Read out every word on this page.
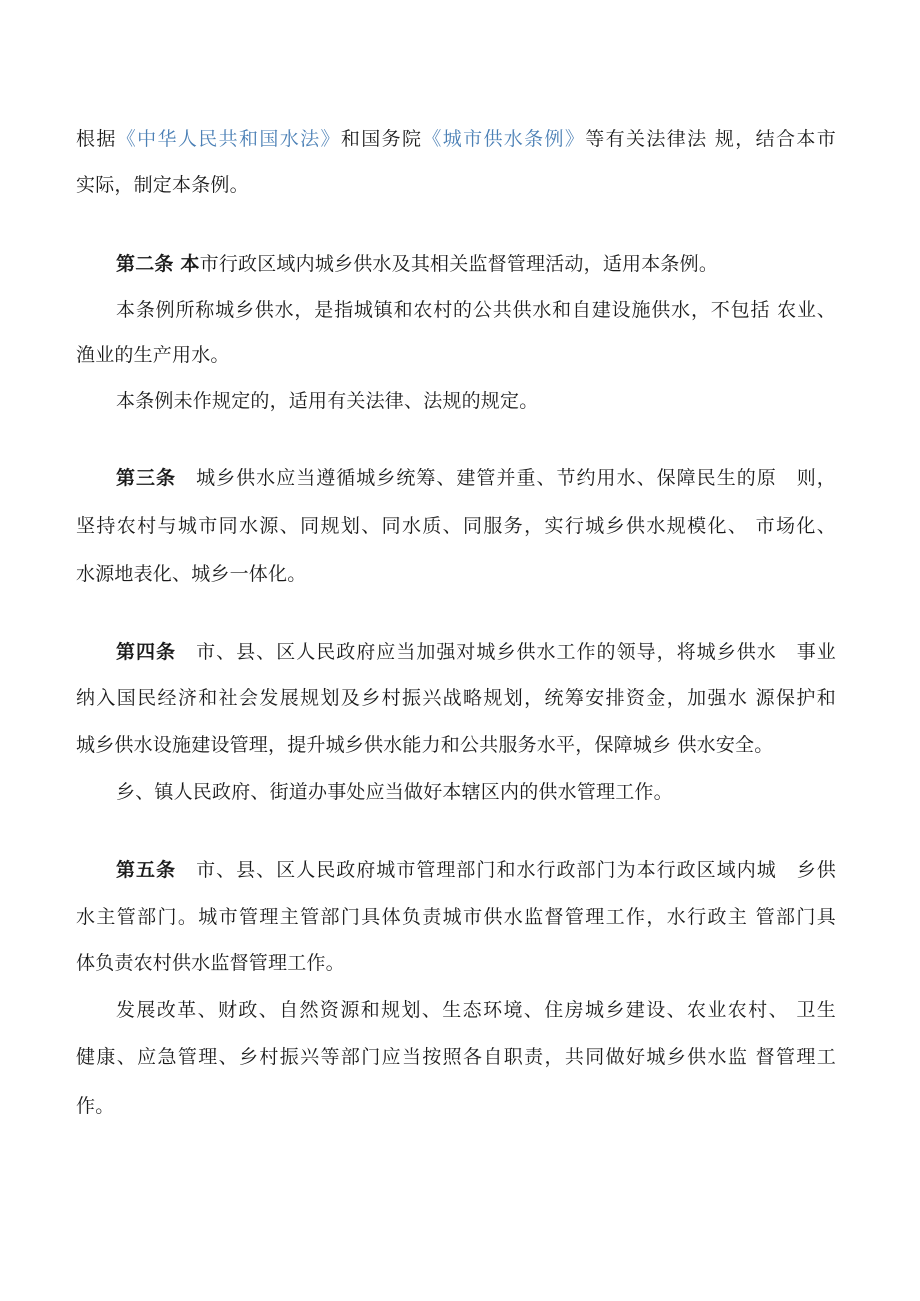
根据《中华人民共和国水法》和国务院《城市供水条例》等有关法律法 规，结合本市
实际，制定本条例。
第二条 本市行政区域内城乡供水及其相关监督管理活动，适用本条例。
本条例所称城乡供水，是指城镇和农村的公共供水和自建设施供水，不包括 农业、
渔业的生产用水。
本条例未作规定的，适用有关法律、法规的规定。
第三条　 城乡供水应当遵循城乡统筹、建管并重、节约用水、保障民生的原　则，
坚持农村与城市同水源、同规划、同水质、同服务，实行城乡供水规模化、 市场化、
水源地表化、城乡一体化。
第四条　 市、县、区人民政府应当加强对城乡供水工作的领导，将城乡供水　事业
纳入国民经济和社会发展规划及乡村振兴战略规划，统筹安排资金，加强水 源保护和
城乡供水设施建设管理，提升城乡供水能力和公共服务水平，保障城乡 供水安全。
乡、镇人民政府、街道办事处应当做好本辖区内的供水管理工作。
第五条　 市、县、区人民政府城市管理部门和水行政部门为本行政区域内城　乡供
水主管部门。城市管理主管部门具体负责城市供水监督管理工作，水行政主 管部门具
体负责农村供水监督管理工作。
发展改革、财政、自然资源和规划、生态环境、住房城乡建设、农业农村、 卫生
健康、应急管理、乡村振兴等部门应当按照各自职责，共同做好城乡供水监 督管理工
作。
